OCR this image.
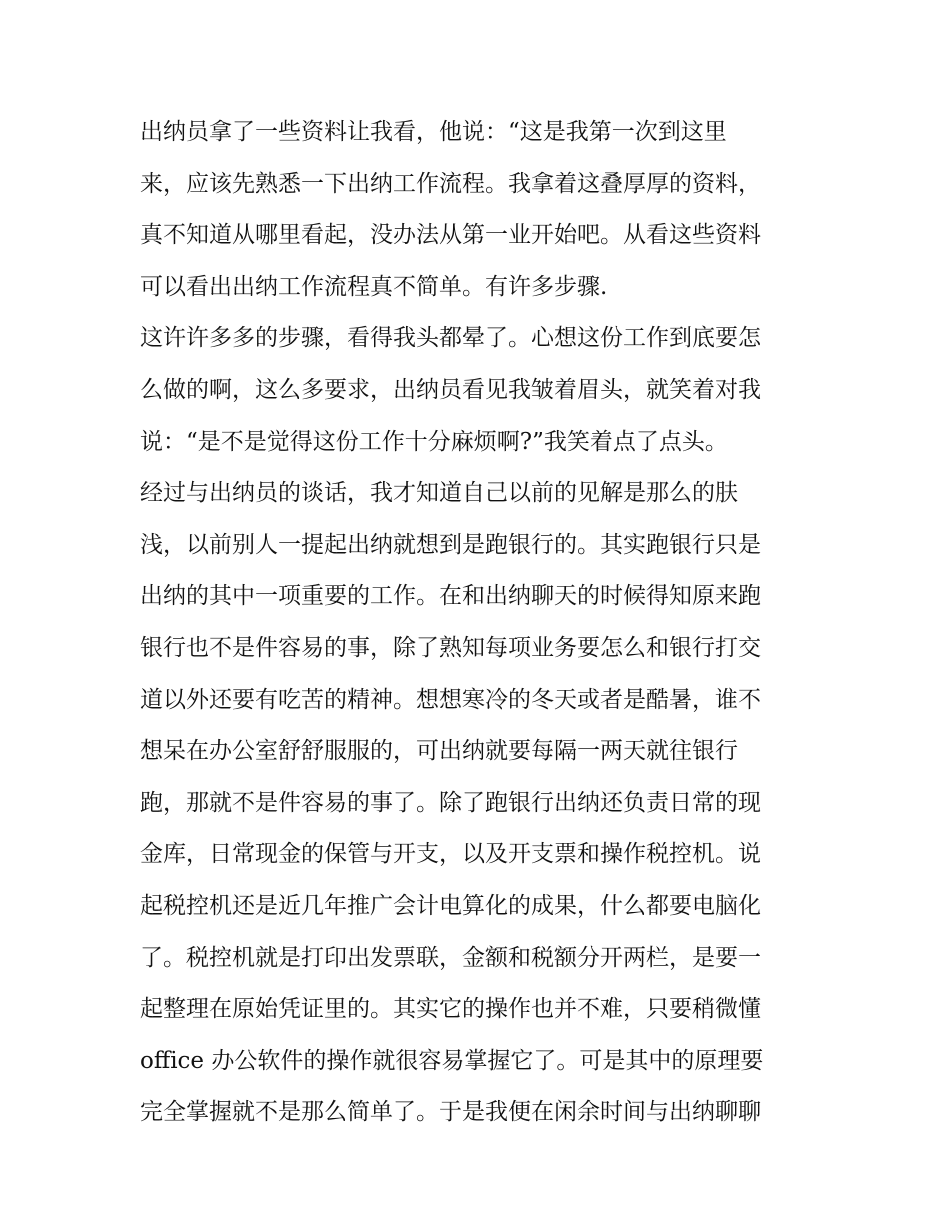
出纳员拿了一些资料让我看，他说：“这是我第一次到这里
来，应该先熟悉一下出纳工作流程。我拿着这叠厚厚的资料，
真不知道从哪里看起，没办法从第一业开始吧。从看这些资料
可以看出出纳工作流程真不简单。有许多步骤.
这许许多多的步骤，看得我头都晕了。心想这份工作到底要怎
么做的啊，这么多要求，出纳员看见我皱着眉头，就笑着对我
说：“是不是觉得这份工作十分麻烦啊?”我笑着点了点头。
经过与出纳员的谈话，我才知道自己以前的见解是那么的肤
浅，以前别人一提起出纳就想到是跑银行的。其实跑银行只是
出纳的其中一项重要的工作。在和出纳聊天的时候得知原来跑
银行也不是件容易的事，除了熟知每项业务要怎么和银行打交
道以外还要有吃苦的精神。想想寒冷的冬天或者是酷暑，谁不
想呆在办公室舒舒服服的，可出纳就要每隔一两天就往银行
跑，那就不是件容易的事了。除了跑银行出纳还负责日常的现
金库，日常现金的保管与开支，以及开支票和操作税控机。说
起税控机还是近几年推广会计电算化的成果，什么都要电脑化
了。税控机就是打印出发票联，金额和税额分开两栏，是要一
起整理在原始凭证里的。其实它的操作也并不难，只要稍微懂
office 办公软件的操作就很容易掌握它了。可是其中的原理要
完全掌握就不是那么简单了。于是我便在闲余时间与出纳聊聊
